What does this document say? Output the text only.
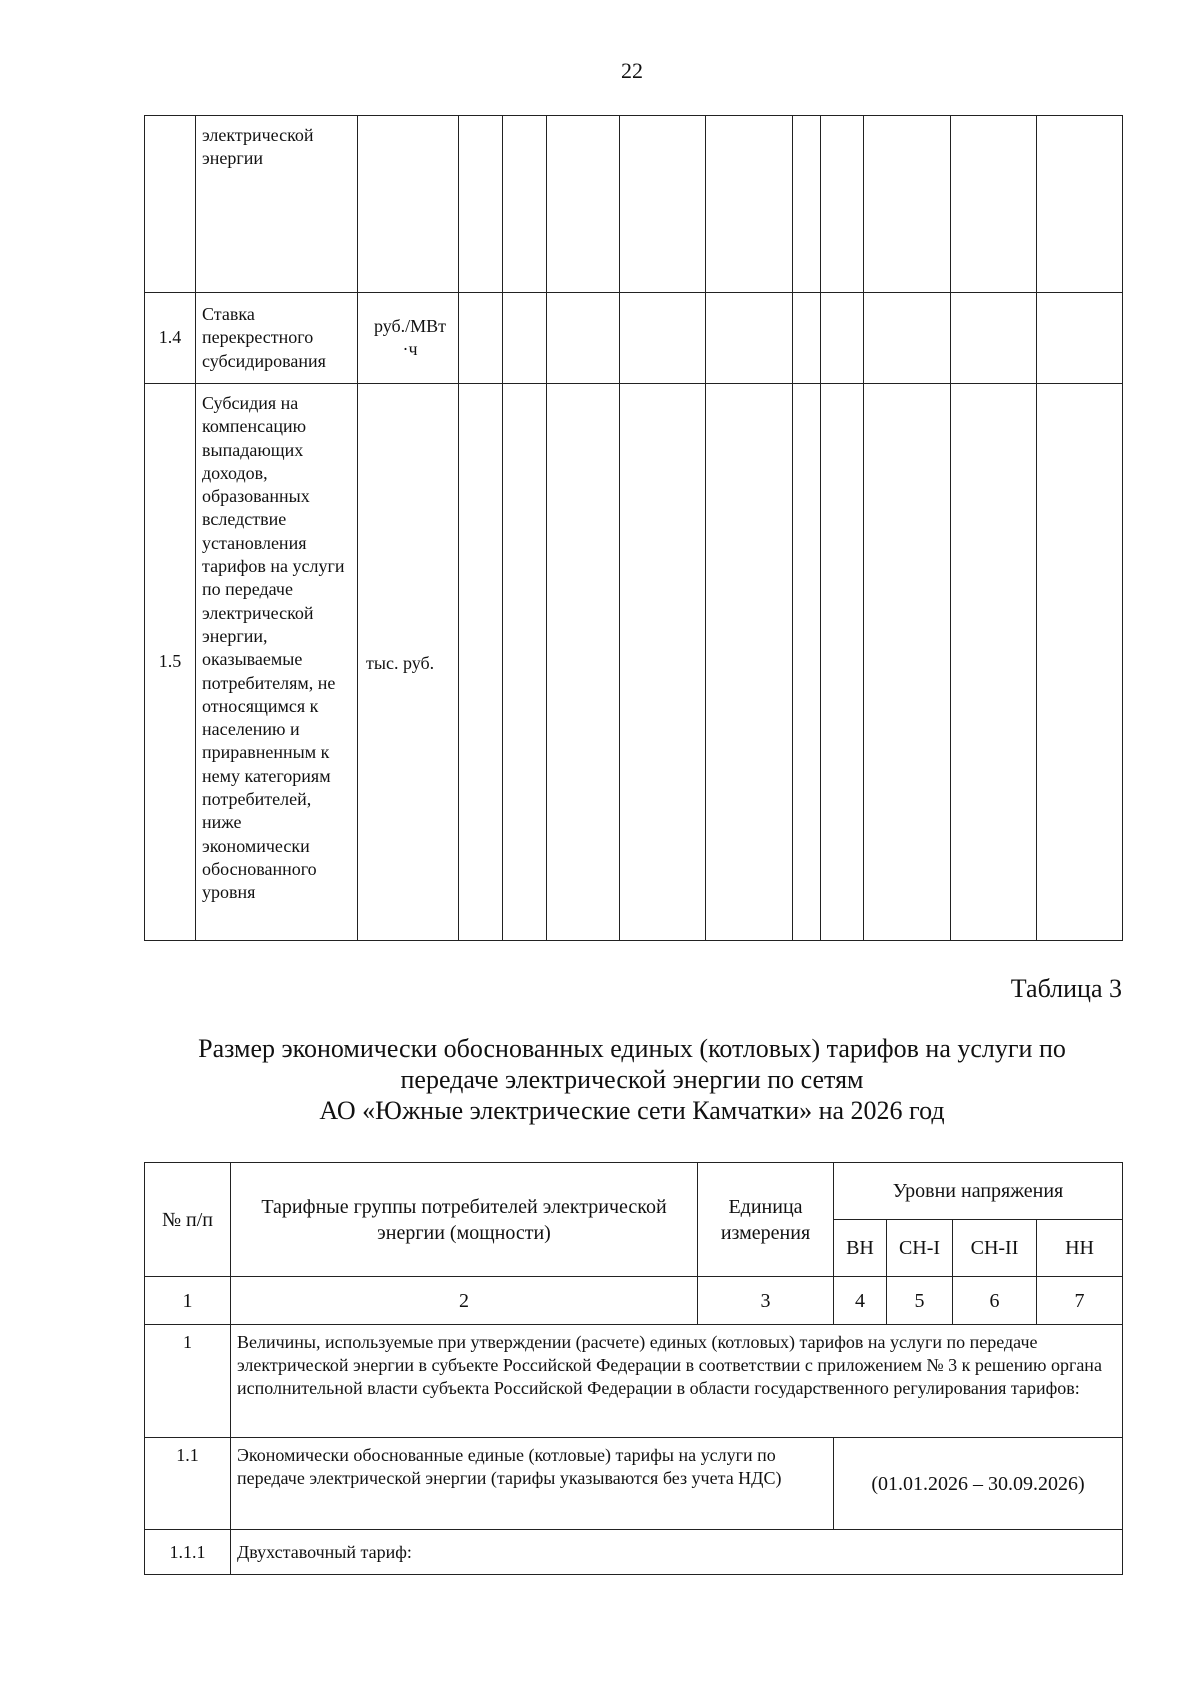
22
	электрической энергии											
1.4	Ставка перекрестного субсидирования	руб./МВт ·ч										
1.5	Субсидия на компенсацию выпадающих доходов, образованных вследствие установления тарифов на услуги по передаче электрической энергии, оказываемые потребителям, не относящимся к населению и приравненным к нему категориям потребителей, ниже экономически обоснованного уровня	тыс. руб.										
Таблица 3
Размер экономически обоснованных единых (котловых) тарифов на услуги по
передаче электрической энергии по сетям
АО «Южные электрические сети Камчатки» на 2026 год
№ п/п	Тарифные группы потребителей электрической энергии (мощности)	Единица измерения	Уровни напряжения			
			ВН	СН-I	СН-II	НН
1	2	3	4	5	6	7
1	Величины, используемые при утверждении (расчете) единых (котловых) тарифов на услуги по передаче электрической энергии в субъекте Российской Федерации в соответствии с приложением № 3 к решению органа исполнительной власти субъекта Российской Федерации в области государственного регулирования тарифов:					
1.1	Экономически обоснованные единые (котловые) тарифы на услуги по передаче электрической энергии (тарифы указываются без учета НДС)		(01.01.2026 – 30.09.2026)			
1.1.1	Двухставочный тариф:					
